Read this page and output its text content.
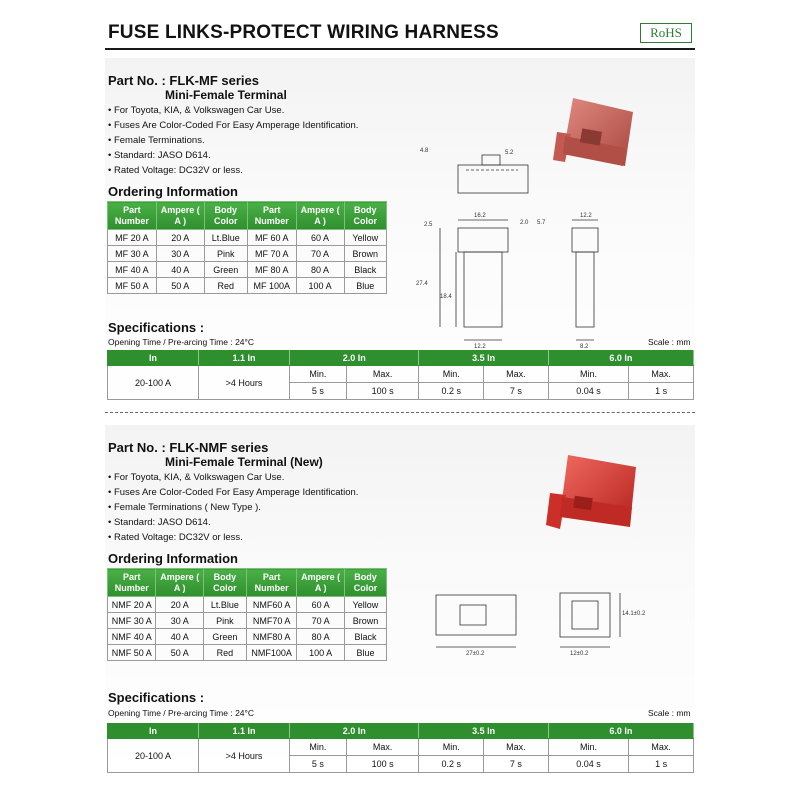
FUSE LINKS-PROTECT WIRING HARNESS	RoHS
Part No. : FLK-MF series
Mini-Female Terminal
• For Toyota, KIA, & Volkswagen Car Use.
• Fuses Are Color-Coded For Easy Amperage Identification.
• Female Terminations.
• Standard: JASO D614.
• Rated Voltage: DC32V or less.
Ordering Information
Part Number	Ampere ( A )	Body Color	Part Number	Ampere ( A )	Body Color
MF 20 A	20 A	Lt.Blue	MF 60 A	60 A	Yellow
MF 30 A	30 A	Pink	MF 70 A	70 A	Brown
MF 40 A	40 A	Green	MF 80 A	80 A	Black
MF 50 A	50 A	Red	MF 100A	100 A	Blue
4.8	5.2
2.0 5.7
2.5
16.2	12.2
27.4
18.4
12.2	8.2
Specifications :
Opening Time / Pre-arcing Time : 24°C	Scale : mm
In	1.1 In	2.0 In		3.5 In		6.0 In	
20-100 A	>4 Hours	Min.	Max.	Min.	Max.	Min.	Max.
		5 s	100 s	0.2 s	7 s	0.04 s	1 s
Part No. : FLK-NMF series
Mini-Female Terminal (New)
• For Toyota, KIA, & Volkswagen Car Use.
• Fuses Are Color-Coded For Easy Amperage Identification.
• Female Terminations ( New Type ).
• Standard: JASO D614.
• Rated Voltage: DC32V or less.
Ordering Information
Part Number	Ampere ( A )	Body Color	Part Number	Ampere ( A )	Body Color
NMF 20 A	20 A	Lt.Blue	NMF60 A	60 A	Yellow
NMF 30 A	30 A	Pink	NMF70 A	70 A	Brown
NMF 40 A	40 A	Green	NMF80 A	80 A	Black
NMF 50 A	50 A	Red	NMF100A	100 A	Blue	27±0.2
14.1±0.2
12±0.2
Specifications :
Opening Time / Pre-arcing Time : 24°C	Scale : mm
In	1.1 In	2.0 In		3.5 In		6.0 In	
20-100 A	>4 Hours	Min.	Max.	Min.	Max.	Min.	Max.
		5 s	100 s	0.2 s	7 s	0.04 s	1 s
